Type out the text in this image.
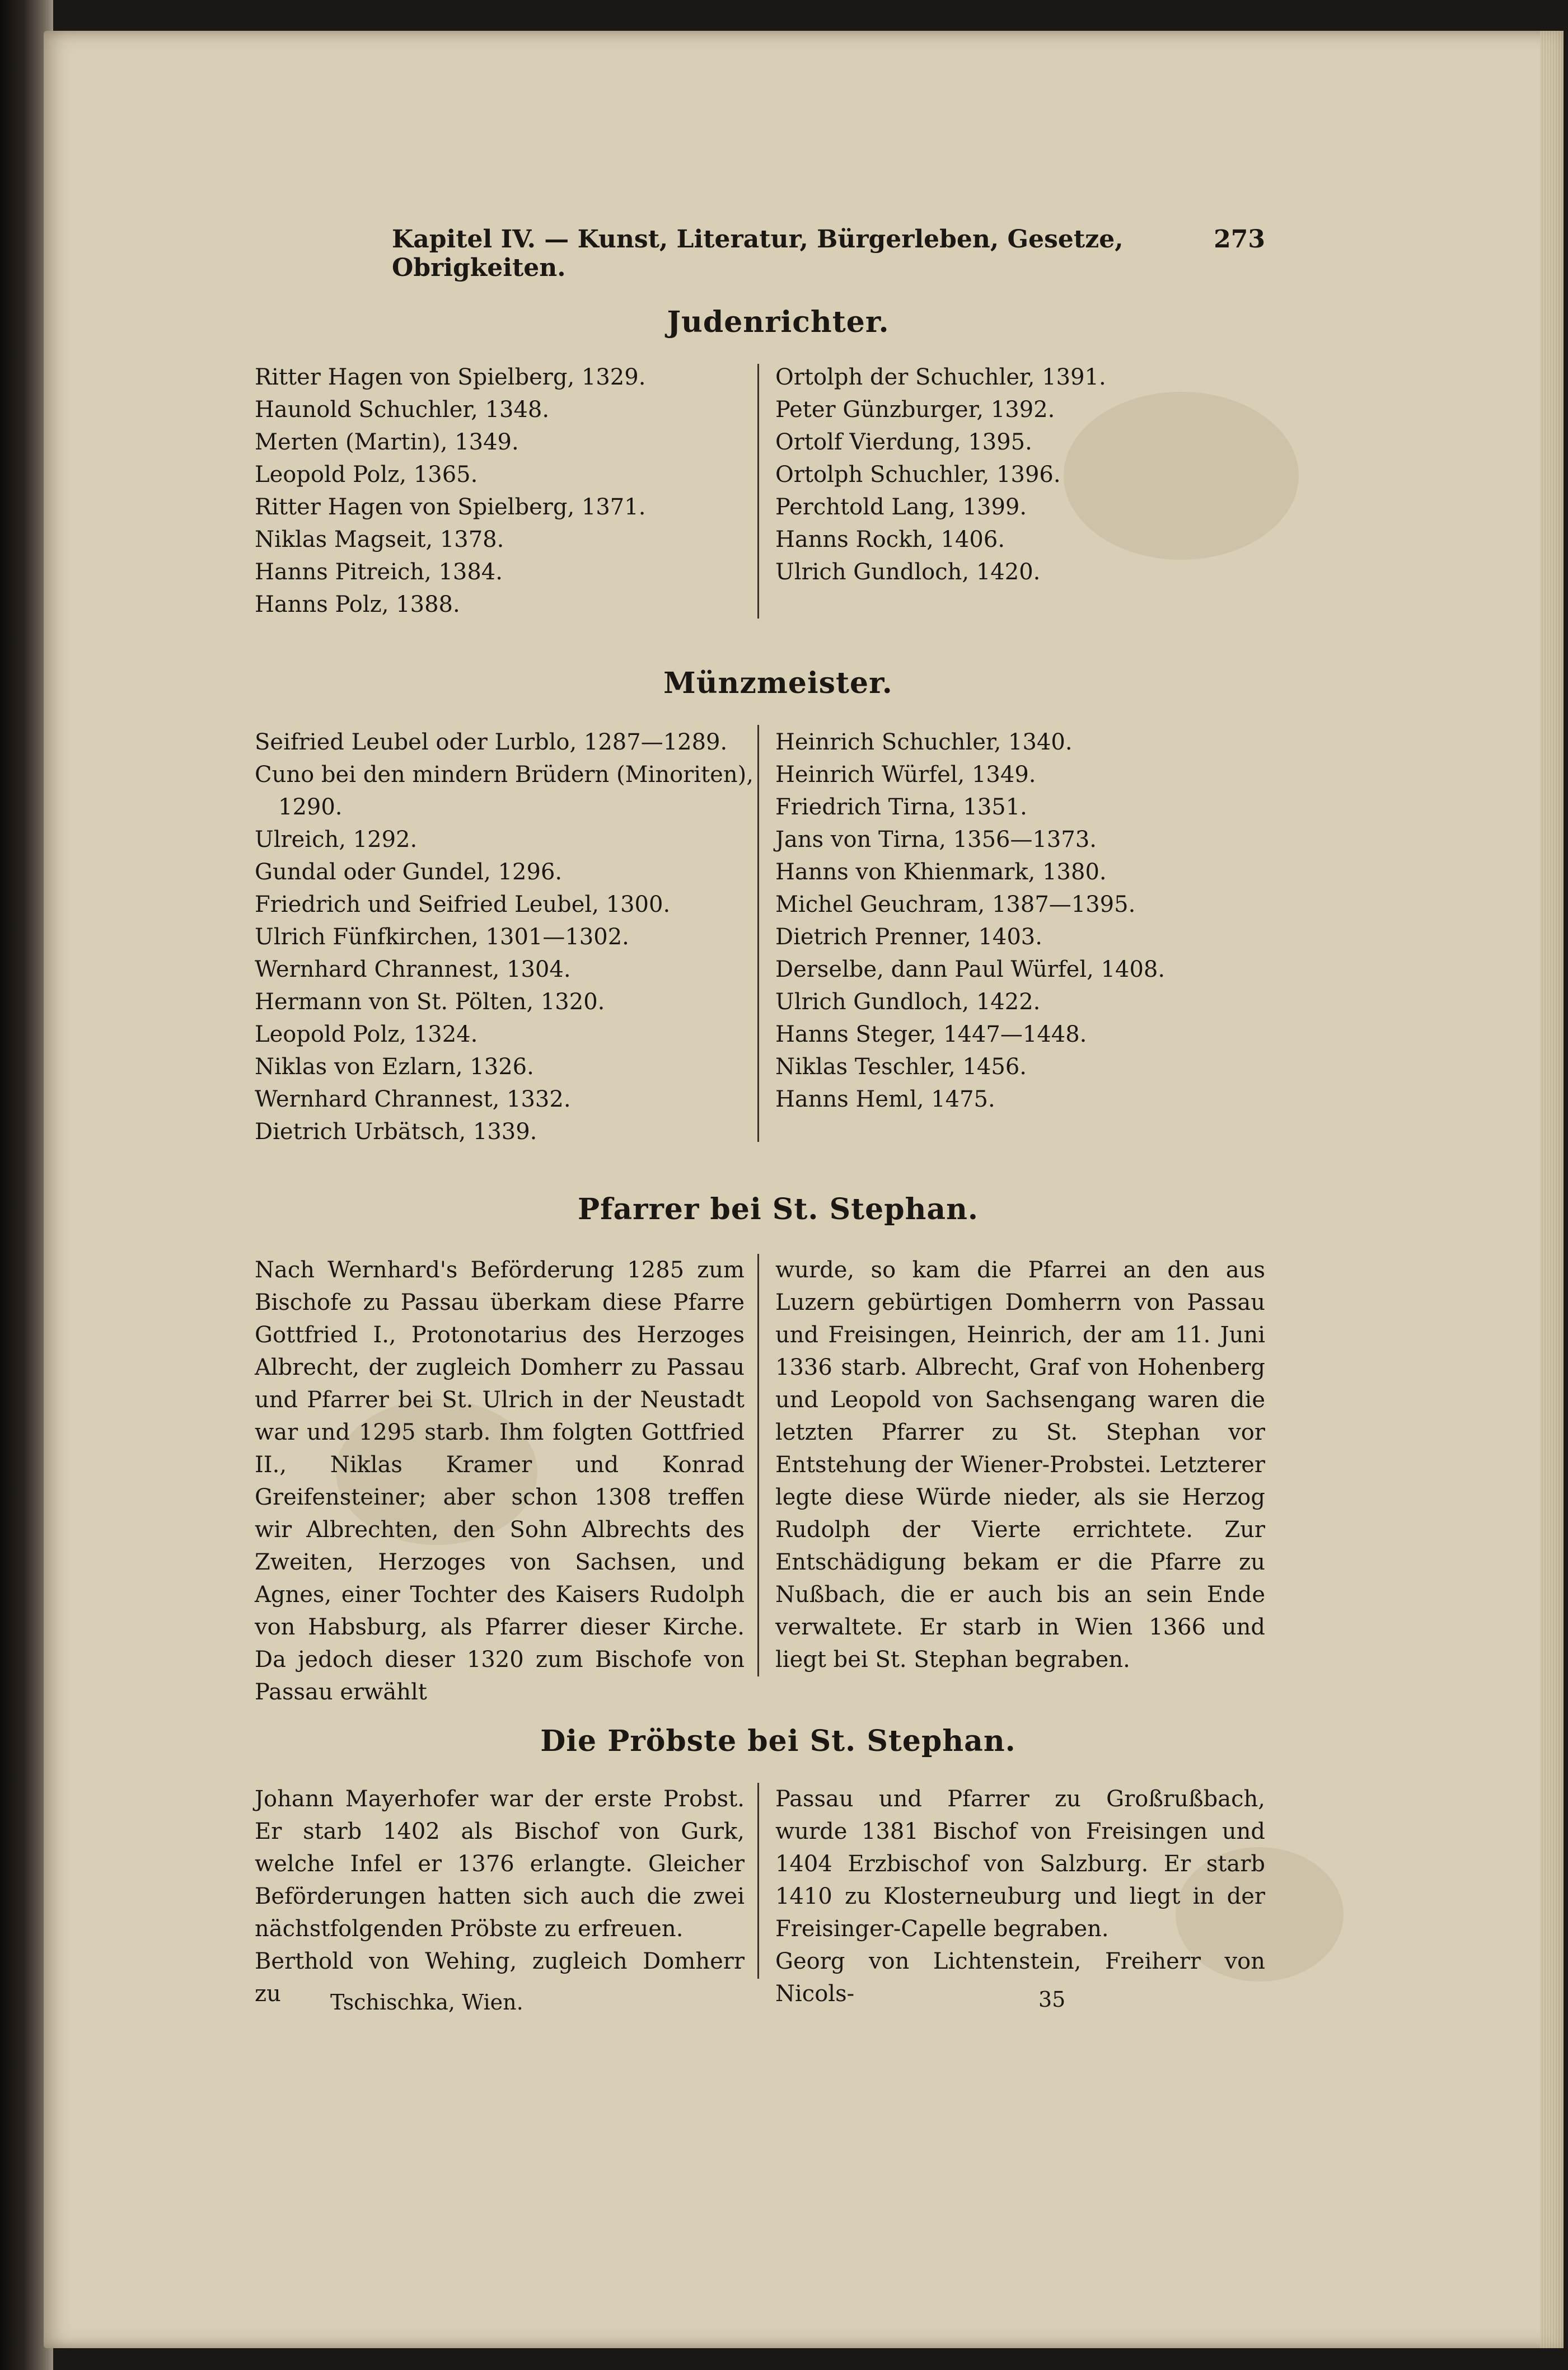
Kapitel IV. — Kunst, Literatur, Bürgerleben, Gesetze, Obrigkeiten.
273
Judenrichter.
Ritter Hagen von Spielberg, 1329.
Haunold Schuchler, 1348.
Merten (Martin), 1349.
Leopold Polz, 1365.
Ritter Hagen von Spielberg, 1371.
Niklas Magseit, 1378.
Hanns Pitreich, 1384.
Hanns Polz, 1388.
Ortolph der Schuchler, 1391.
Peter Günzburger, 1392.
Ortolf Vierdung, 1395.
Ortolph Schuchler, 1396.
Perchtold Lang, 1399.
Hanns Rockh, 1406.
Ulrich Gundloch, 1420.
Münzmeister.
Seifried Leubel oder Lurblo, 1287—1289.
Cuno bei den mindern Brüdern (Minoriten),
1290.
Ulreich, 1292.
Gundal oder Gundel, 1296.
Friedrich und Seifried Leubel, 1300.
Ulrich Fünfkirchen, 1301—1302.
Wernhard Chrannest, 1304.
Hermann von St. Pölten, 1320.
Leopold Polz, 1324.
Niklas von Ezlarn, 1326.
Wernhard Chrannest, 1332.
Dietrich Urbätsch, 1339.
Heinrich Schuchler, 1340.
Heinrich Würfel, 1349.
Friedrich Tirna, 1351.
Jans von Tirna, 1356—1373.
Hanns von Khienmark, 1380.
Michel Geuchram, 1387—1395.
Dietrich Prenner, 1403.
Derselbe, dann Paul Würfel, 1408.
Ulrich Gundloch, 1422.
Hanns Steger, 1447—1448.
Niklas Teschler, 1456.
Hanns Heml, 1475.
Pfarrer bei St. Stephan.
Nach Wernhard's Beförderung 1285 zum Bischofe zu Passau überkam diese Pfarre Gottfried I., Protonotarius des Herzoges Albrecht, der zugleich Domherr zu Passau und Pfarrer bei St. Ulrich in der Neustadt war und 1295 starb. Ihm folgten Gottfried II., Niklas Kramer und Konrad Greifensteiner; aber schon 1308 treffen wir Albrechten, den Sohn Albrechts des Zweiten, Herzoges von Sachsen, und Agnes, einer Tochter des Kaisers Rudolph von Habsburg, als Pfarrer dieser Kirche. Da jedoch dieser 1320 zum Bischofe von Passau erwählt
wurde, so kam die Pfarrei an den aus Luzern gebürtigen Domherrn von Passau und Freisingen, Heinrich, der am 11. Juni 1336 starb. Albrecht, Graf von Hohenberg und Leopold von Sachsengang waren die letzten Pfarrer zu St. Stephan vor Entstehung der Wiener-Probstei. Letzterer legte diese Würde nieder, als sie Herzog Rudolph der Vierte errichtete. Zur Entschädigung bekam er die Pfarre zu Nußbach, die er auch bis an sein Ende verwaltete. Er starb in Wien 1366 und liegt bei St. Stephan begraben.
Die Pröbste bei St. Stephan.
Johann Mayerhofer war der erste Probst. Er starb 1402 als Bischof von Gurk, welche Infel er 1376 erlangte. Gleicher Beförderungen hatten sich auch die zwei nächstfolgenden Pröbste zu erfreuen.
Berthold von Wehing, zugleich Domherr zu
Passau und Pfarrer zu Großrußbach, wurde 1381 Bischof von Freisingen und 1404 Erzbischof von Salzburg. Er starb 1410 zu Klosterneuburg und liegt in der Freisinger-Capelle begraben.
Georg von Lichtenstein, Freiherr von Nicols-
Tschischka, Wien.	35
